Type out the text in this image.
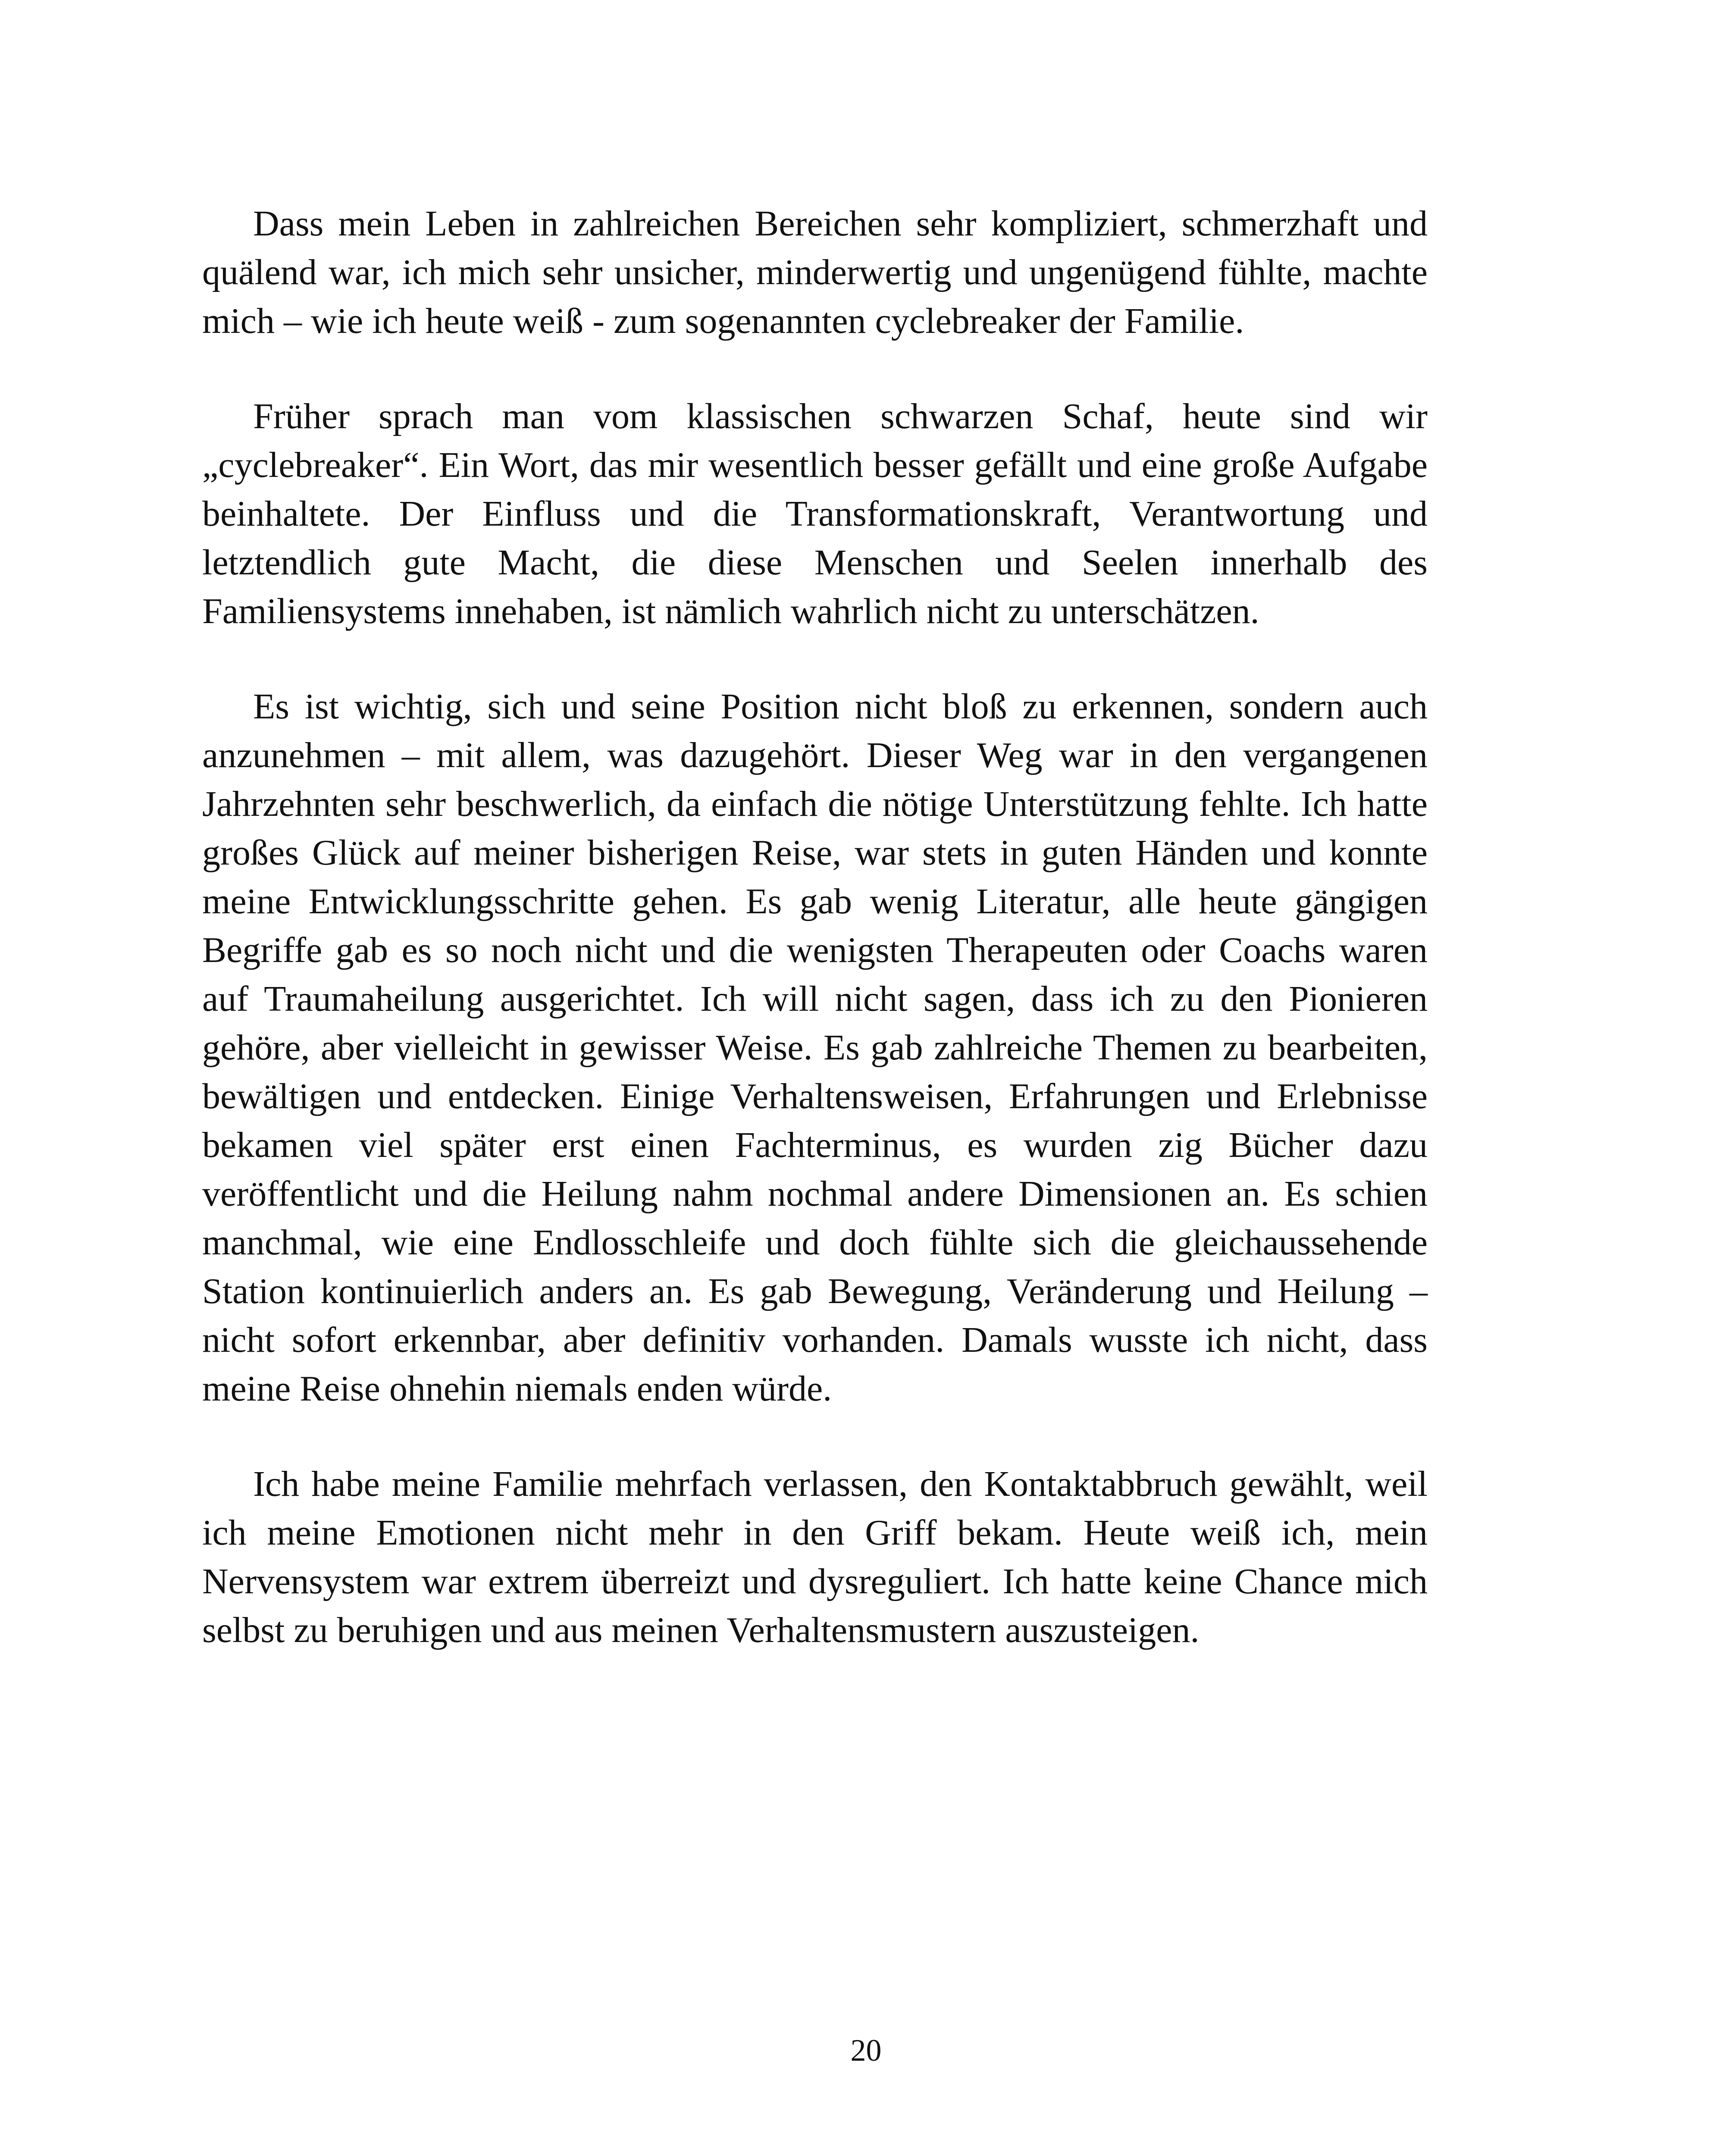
Dass mein Leben in zahlreichen Bereichen sehr kompliziert, schmerzhaft und quälend war, ich mich sehr unsicher, minderwertig und ungenügend fühlte, machte mich – wie ich heute weiß - zum sogenannten cyclebreaker der Familie.

Früher sprach man vom klassischen schwarzen Schaf, heute sind wir „cyclebreaker“. Ein Wort, das mir wesentlich besser gefällt und eine große Aufgabe beinhaltete. Der Einfluss und die Transformationskraft, Verantwortung und letztendlich gute Macht, die diese Menschen und Seelen innerhalb des Familiensystems innehaben, ist nämlich wahrlich nicht zu unterschätzen.

Es ist wichtig, sich und seine Position nicht bloß zu erkennen, sondern auch anzunehmen – mit allem, was dazugehört. Dieser Weg war in den vergangenen Jahrzehnten sehr beschwerlich, da einfach die nötige Unterstützung fehlte. Ich hatte großes Glück auf meiner bisherigen Reise, war stets in guten Händen und konnte meine Entwicklungsschritte gehen. Es gab wenig Literatur, alle heute gängigen Begriffe gab es so noch nicht und die wenigsten Therapeuten oder Coachs waren auf Traumaheilung ausgerichtet. Ich will nicht sagen, dass ich zu den Pionieren gehöre, aber vielleicht in gewisser Weise. Es gab zahlreiche Themen zu bearbeiten, bewältigen und entdecken. Einige Verhaltensweisen, Erfahrungen und Erlebnisse bekamen viel später erst einen Fachterminus, es wurden zig Bücher dazu veröffentlicht und die Heilung nahm nochmal andere Dimensionen an. Es schien manchmal, wie eine Endlosschleife und doch fühlte sich die gleichaussehende Station kontinuierlich anders an. Es gab Bewegung, Veränderung und Heilung – nicht sofort erkennbar, aber definitiv vorhanden. Damals wusste ich nicht, dass meine Reise ohnehin niemals enden würde.

Ich habe meine Familie mehrfach verlassen, den Kontaktabbruch gewählt, weil ich meine Emotionen nicht mehr in den Griff bekam. Heute weiß ich, mein Nervensystem war extrem überreizt und dysreguliert. Ich hatte keine Chance mich selbst zu beruhigen und aus meinen Verhaltensmustern auszusteigen.

20
